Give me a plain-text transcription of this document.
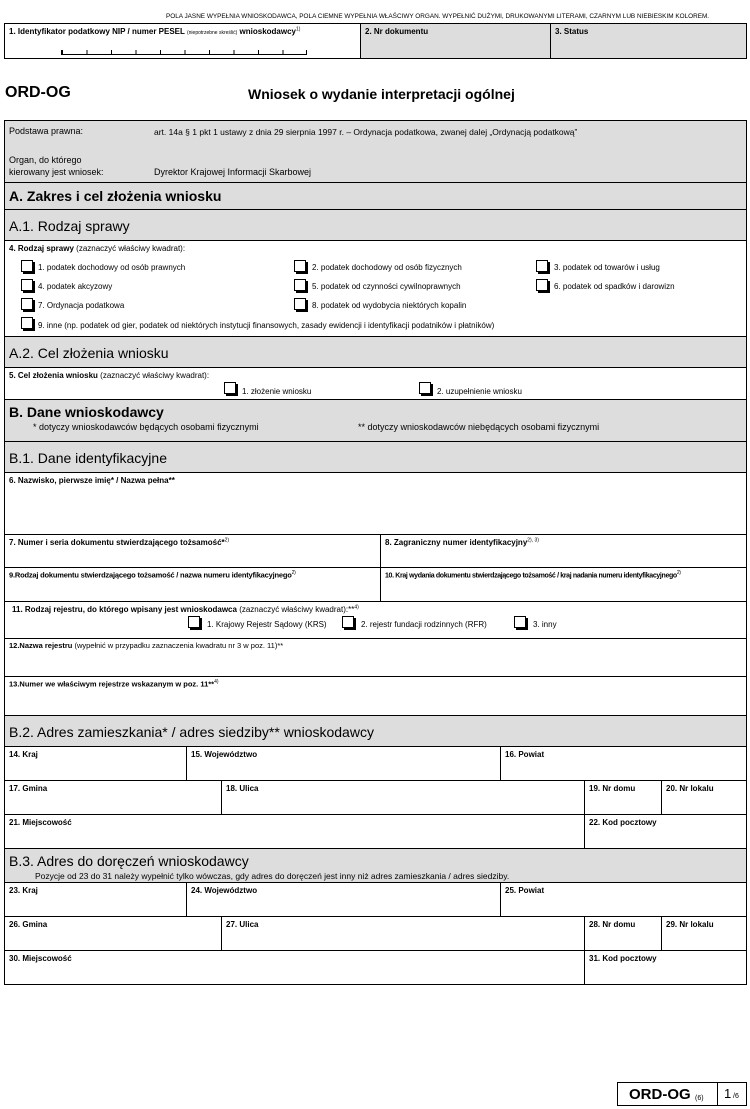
POLA JASNE WYPEŁNIA WNIOSKODAWCA, POLA CIEMNE WYPEŁNIA WŁAŚCIWY ORGAN. WYPEŁNIĆ DUŻYMI, DRUKOWANYMI LITERAMI, CZARNYM LUB NIEBIESKIM KOLOREM.
1. Identyfikator podatkowy NIP / numer PESEL (niepotrzebne skreślić) wnioskodawcy$^{1)}$	2. Nr dokumentu	3. Status
ORD-OG	Wniosek o wydanie interpretacji ogólnej
Podstawa prawna:	art. 14a § 1 pkt 1 ustawy z dnia 29 sierpnia 1997 r. – Ordynacja podatkowa, zwanej dalej „Ordynacją podatkową”
Organ, do którego
kierowany jest wniosek:	Dyrektor Krajowej Informacji Skarbowej
A. Zakres i cel złożenia wniosku
A.1. Rodzaj sprawy
4. Rodzaj sprawy (zaznaczyć właściwy kwadrat):
1. podatek dochodowy od osób prawnych	2. podatek dochodowy od osób fizycznych	3. podatek od towarów i usług
4. podatek akcyzowy	5. podatek od czynności cywilnoprawnych	6. podatek od spadków i darowizn
7. Ordynacja podatkowa	8. podatek od wydobycia niektórych kopalin
9. inne (np. podatek od gier, podatek od niektórych instytucji finansowych, zasady ewidencji i identyfikacji podatników i płatników)
A.2. Cel złożenia wniosku
5. Cel złożenia wniosku (zaznaczyć właściwy kwadrat):
1. złożenie wniosku	2. uzupełnienie wniosku
B. Dane wnioskodawcy
* dotyczy wnioskodawców będących osobami fizycznymi	** dotyczy wnioskodawców niebędących osobami fizycznymi
B.1. Dane identyfikacyjne
6. Nazwisko, pierwsze imię* / Nazwa pełna**
7. Numer i seria dokumentu stwierdzającego tożsamość*$^{2)}$	8. Zagraniczny numer identyfikacyjny$^{2), 3)}$
9.Rodzaj dokumentu stwierdzającego tożsamość / nazwa numeru identyfikacyjnego$^{2)}$	10. Kraj wydania dokumentu stwierdzającego tożsamość / kraj nadania numeru identyfikacyjnego$^{2)}$
11. Rodzaj rejestru, do którego wpisany jest wnioskodawca (zaznaczyć właściwy kwadrat):**$^{4)}$
1. Krajowy Rejestr Sądowy (KRS)	2. rejestr fundacji rodzinnych (RFR)	3. inny
12.Nazwa rejestru (wypełnić w przypadku zaznaczenia kwadratu nr 3 w poz. 11)**
13.Numer we właściwym rejestrze wskazanym w poz. 11**$^{4)}$
B.2. Adres zamieszkania* / adres siedziby** wnioskodawcy
14. Kraj	15. Województwo	16. Powiat
17. Gmina	18. Ulica	19. Nr domu	20. Nr lokalu
21. Miejscowość	22. Kod pocztowy
B.3. Adres do doręczeń wnioskodawcy
Pozycje od 23 do 31 należy wypełnić tylko wówczas, gdy adres do doręczeń jest inny niż adres zamieszkania / adres siedziby.
23. Kraj	24. Województwo	25. Powiat
26. Gmina	27. Ulica	28. Nr domu	29. Nr lokalu
30. Miejscowość	31. Kod pocztowy
ORD-OG (6) 1 /6
